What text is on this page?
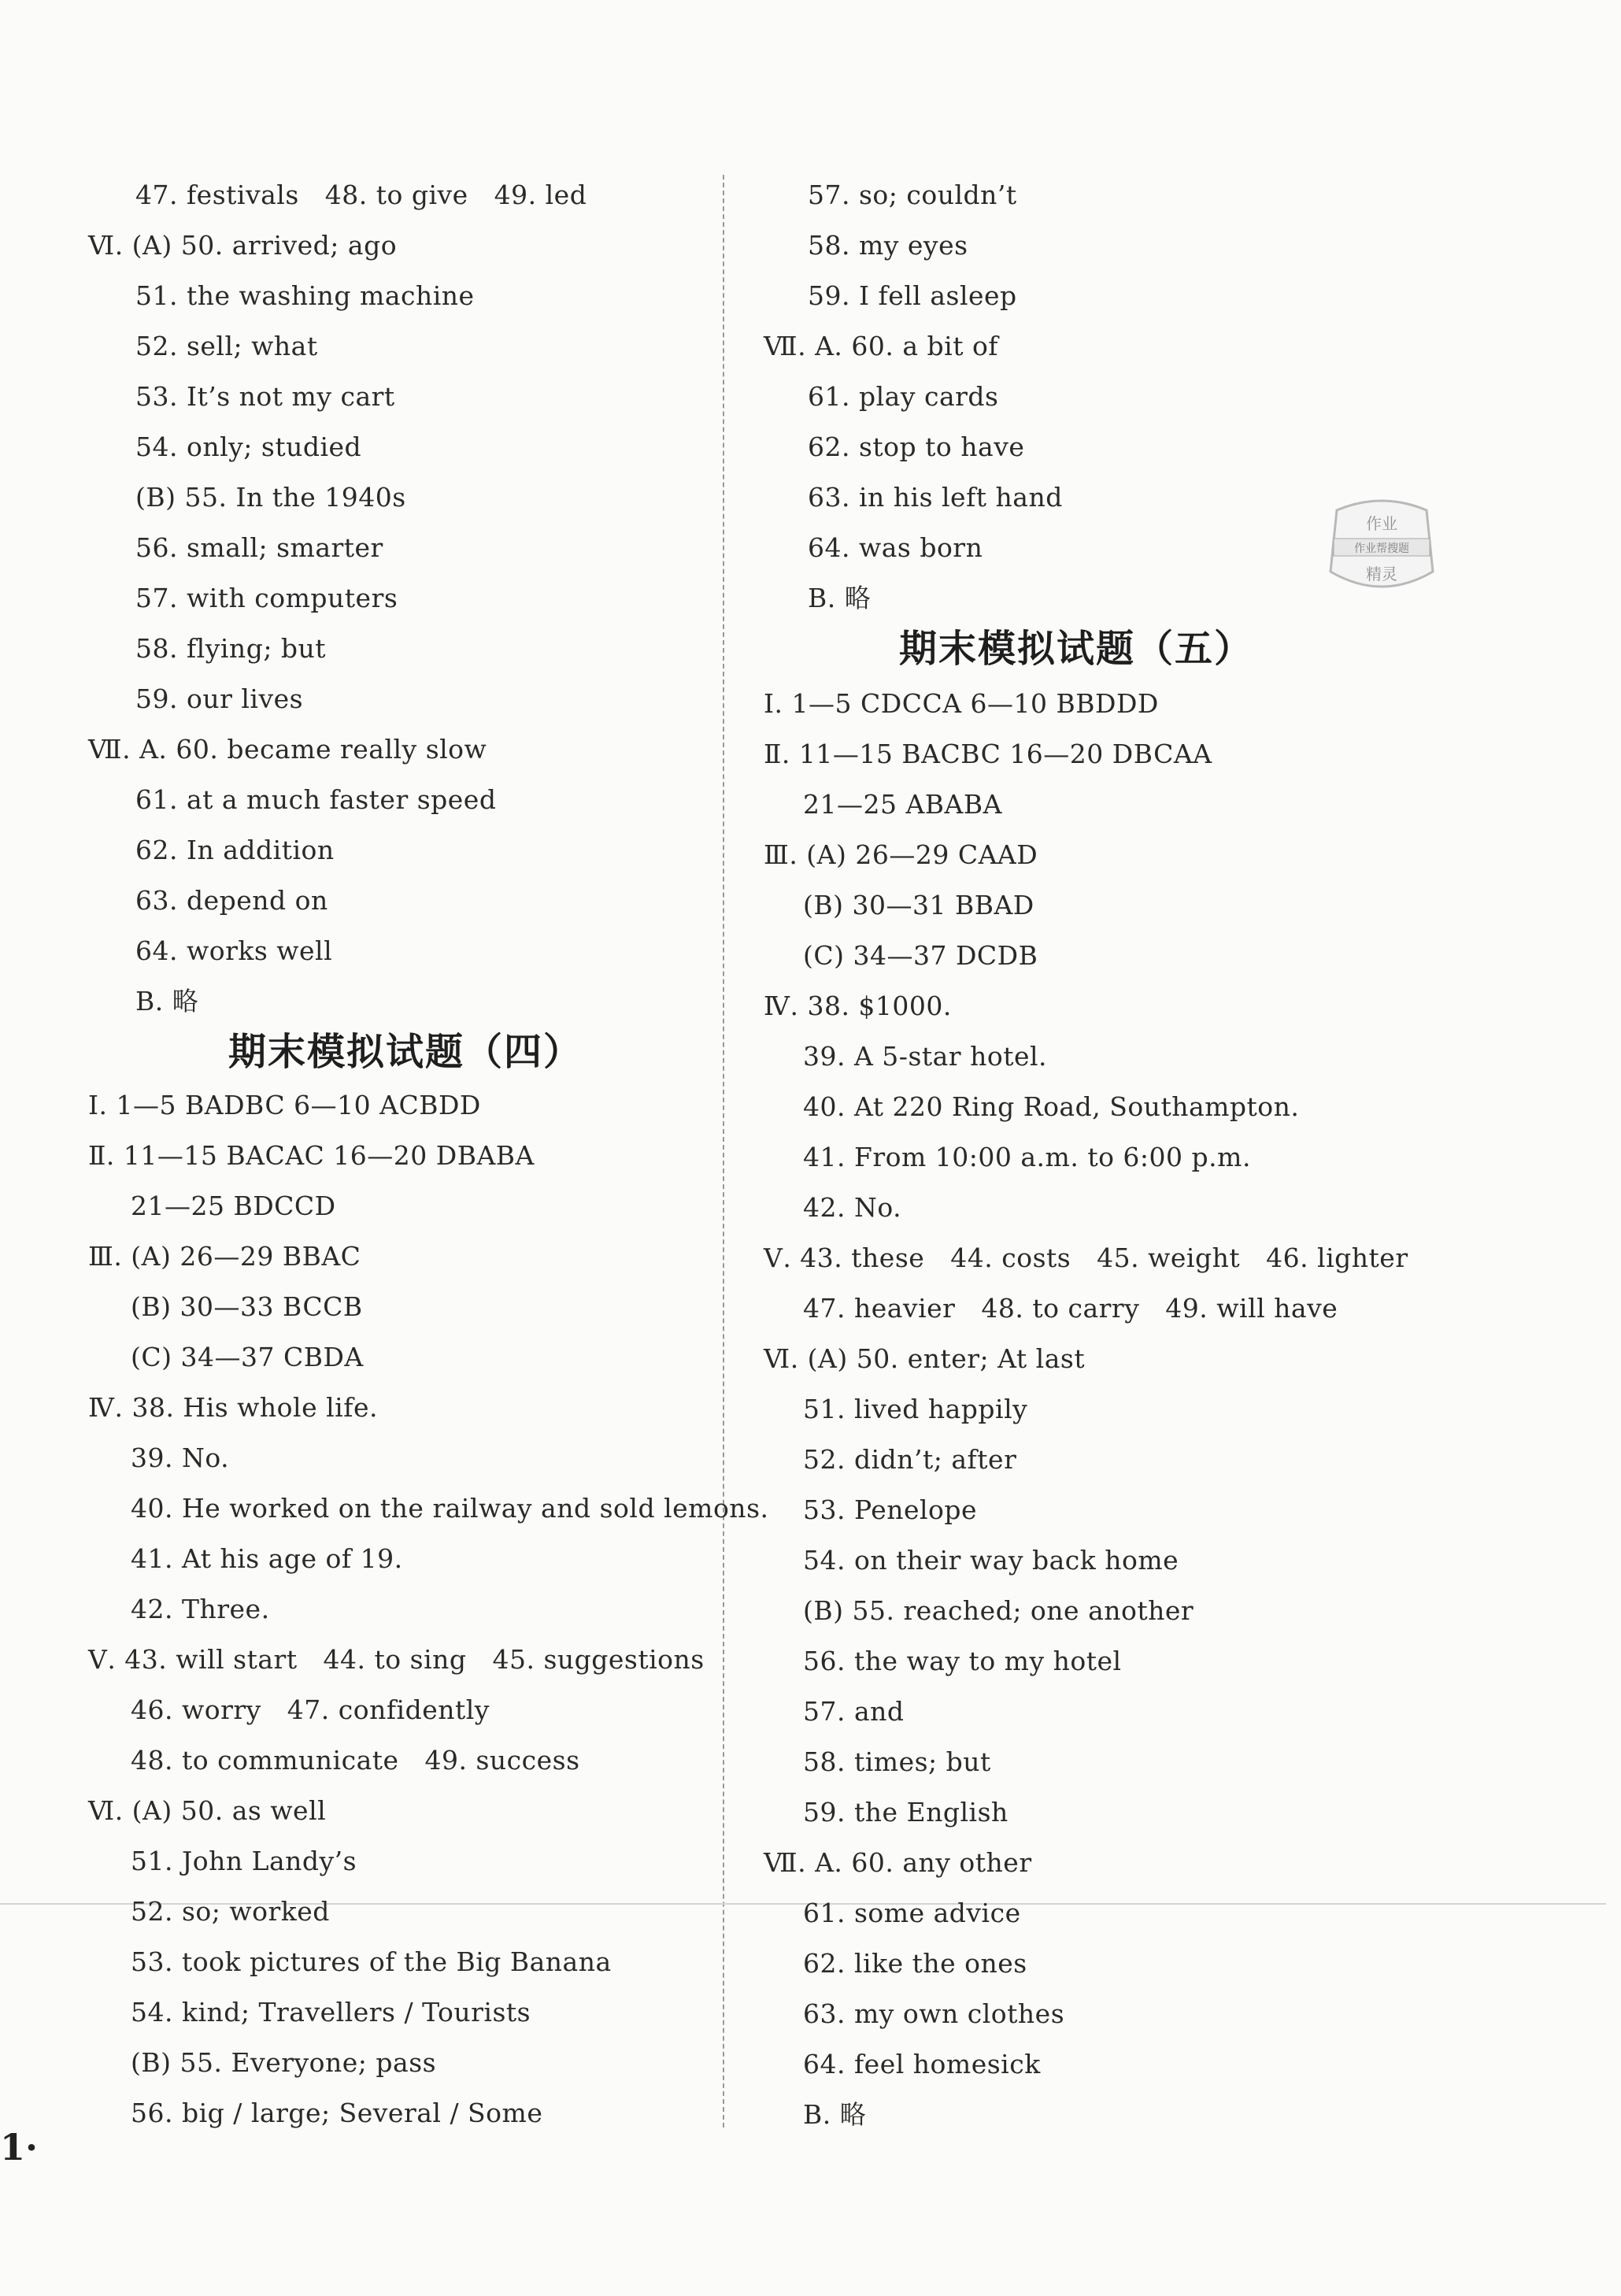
47. festivals   48. to give   49. led
Ⅵ. (A) 50. arrived; ago
51. the washing machine
52. sell; what
53. It’s not my cart
54. only; studied
(B) 55. In the 1940s
56. small; smarter
57. with computers
58. flying; but
59. our lives
Ⅶ. A. 60. became really slow
61. at a much faster speed
62. In addition
63. depend on
64. works well
B. 略
期末模拟试题（四）
Ⅰ. 1—5 BADBC 6—10 ACBDD
Ⅱ. 11—15 BACAC 16—20 DBABA
21—25 BDCCD
Ⅲ. (A) 26—29 BBAC
(B) 30—33 BCCB
(C) 34—37 CBDA
Ⅳ. 38. His whole life.
39. No.
40. He worked on the railway and sold lemons.
41. At his age of 19.
42. Three.
Ⅴ. 43. will start   44. to sing   45. suggestions
46. worry   47. confidently
48. to communicate   49. success
Ⅵ. (A) 50. as well
51. John Landy’s
52. so; worked
53. took pictures of the Big Banana
54. kind; Travellers / Tourists
(B) 55. Everyone; pass
56. big / large; Several / Some
57. so; couldn’t
58. my eyes
59. I fell asleep
Ⅶ. A. 60. a bit of
61. play cards
62. stop to have
63. in his left hand
64. was born
B. 略
期末模拟试题（五）
Ⅰ. 1—5 CDCCA 6—10 BBDDD
Ⅱ. 11—15 BACBC 16—20 DBCAA
21—25 ABABA
Ⅲ. (A) 26—29 CAAD
(B) 30—31 BBAD
(C) 34—37 DCDB
Ⅳ. 38. $1000.
39. A 5-star hotel.
40. At 220 Ring Road, Southampton.
41. From 10:00 a.m. to 6:00 p.m.
42. No.
Ⅴ. 43. these   44. costs   45. weight   46. lighter
47. heavier   48. to carry   49. will have
Ⅵ. (A) 50. enter; At last
51. lived happily
52. didn’t; after
53. Penelope
54. on their way back home
(B) 55. reached; one another
56. the way to my hotel
57. and
58. times; but
59. the English
Ⅶ. A. 60. any other
61. some advice
62. like the ones
63. my own clothes
64. feel homesick
B. 略
作业
作业帮搜题
精灵
1·
